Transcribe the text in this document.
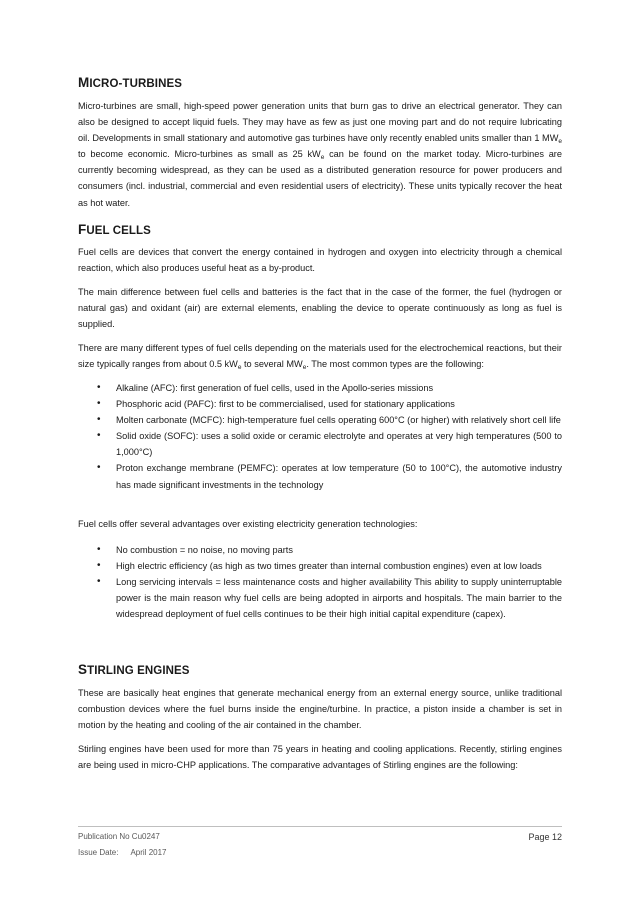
MICRO-TURBINES

Micro-turbines are small, high-speed power generation units that burn gas to drive an electrical generator. They can also be designed to accept liquid fuels. They may have as few as just one moving part and do not require lubricating oil. Developments in small stationary and automotive gas turbines have only recently enabled units smaller than 1 $MW_e$ to become economic. Micro-turbines as small as 25 $kW_e$ can be found on the market today. Micro-turbines are currently becoming widespread, as they can be used as a distributed generation resource for power producers and consumers (incl. industrial, commercial and even residential users of electricity). These units typically recover the heat as hot water.

FUEL CELLS

Fuel cells are devices that convert the energy contained in hydrogen and oxygen into electricity through a chemical reaction, which also produces useful heat as a by-product.

The main difference between fuel cells and batteries is the fact that in the case of the former, the fuel (hydrogen or natural gas) and oxidant (air) are external elements, enabling the device to operate continuously as long as fuel is supplied.

There are many different types of fuel cells depending on the materials used for the electrochemical reactions, but their size typically ranges from about 0.5 $kW_e$ to several $MW_e$. The most common types are the following:

• Alkaline (AFC): first generation of fuel cells, used in the Apollo-series missions
• Phosphoric acid (PAFC): first to be commercialised, used for stationary applications
• Molten carbonate (MCFC): high-temperature fuel cells operating 600°C (or higher) with relatively short cell life
• Solid oxide (SOFC): uses a solid oxide or ceramic electrolyte and operates at very high temperatures (500 to 1,000°C)
• Proton exchange membrane (PEMFC): operates at low temperature (50 to 100°C), the automotive industry has made significant investments in the technology

Fuel cells offer several advantages over existing electricity generation technologies:

• No combustion = no noise, no moving parts
• High electric efficiency (as high as two times greater than internal combustion engines) even at low loads
• Long servicing intervals = less maintenance costs and higher availability This ability to supply uninterruptable power is the main reason why fuel cells are being adopted in airports and hospitals. The main barrier to the widespread deployment of fuel cells continues to be their high initial capital expenditure (capex).
STIRLING ENGINES

These are basically heat engines that generate mechanical energy from an external energy source, unlike traditional combustion devices where the fuel burns inside the engine/turbine. In practice, a piston inside a chamber is set in motion by the heating and cooling of the air contained in the chamber.

Stirling engines have been used for more than 75 years in heating and cooling applications. Recently, stirling engines are being used in micro-CHP applications. The comparative advantages of Stirling engines are the following:

Publication No Cu0247
Issue Date: April 2017
Page 12
